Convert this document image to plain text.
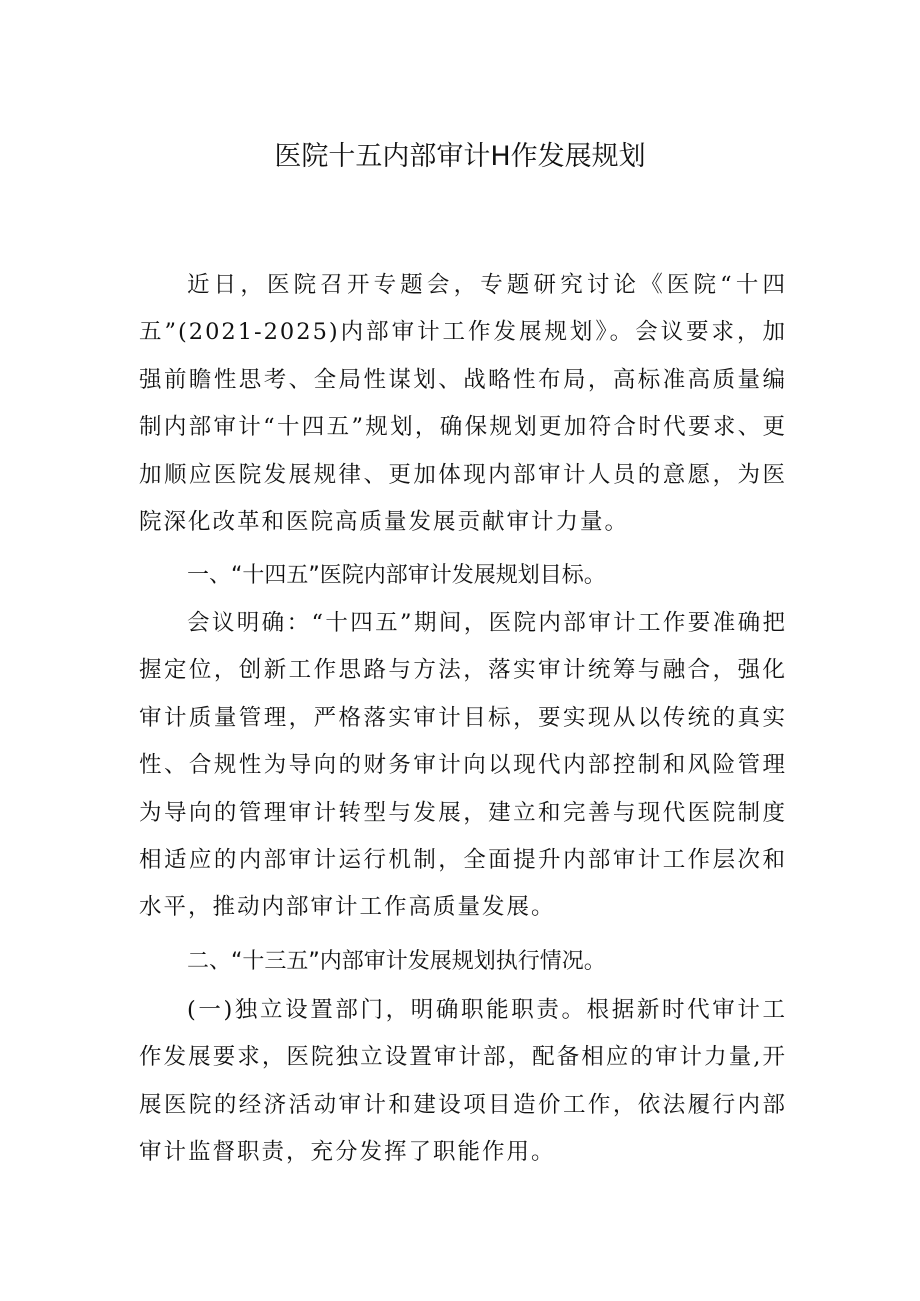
医院十五内部审计H作发展规划

近日，医院召开专题会，专题研究讨论《医院“十四五”(2021-2025)内部审计工作发展规划》。会议要求，加强前瞻性思考、全局性谋划、战略性布局，高标准高质量编制内部审计“十四五”规划，确保规划更加符合时代要求、更加顺应医院发展规律、更加体现内部审计人员的意愿，为医院深化改革和医院高质量发展贡献审计力量。

一、“十四五”医院内部审计发展规划目标。

会议明确：“十四五”期间，医院内部审计工作要准确把握定位，创新工作思路与方法，落实审计统筹与融合，强化审计质量管理，严格落实审计目标，要实现从以传统的真实性、合规性为导向的财务审计向以现代内部控制和风险管理为导向的管理审计转型与发展，建立和完善与现代医院制度相适应的内部审计运行机制，全面提升内部审计工作层次和水平，推动内部审计工作高质量发展。

二、“十三五”内部审计发展规划执行情况。

(一)独立设置部门，明确职能职责。根据新时代审计工作发展要求，医院独立设置审计部，配备相应的审计力量,开展医院的经济活动审计和建设项目造价工作，依法履行内部审计监督职责，充分发挥了职能作用。
